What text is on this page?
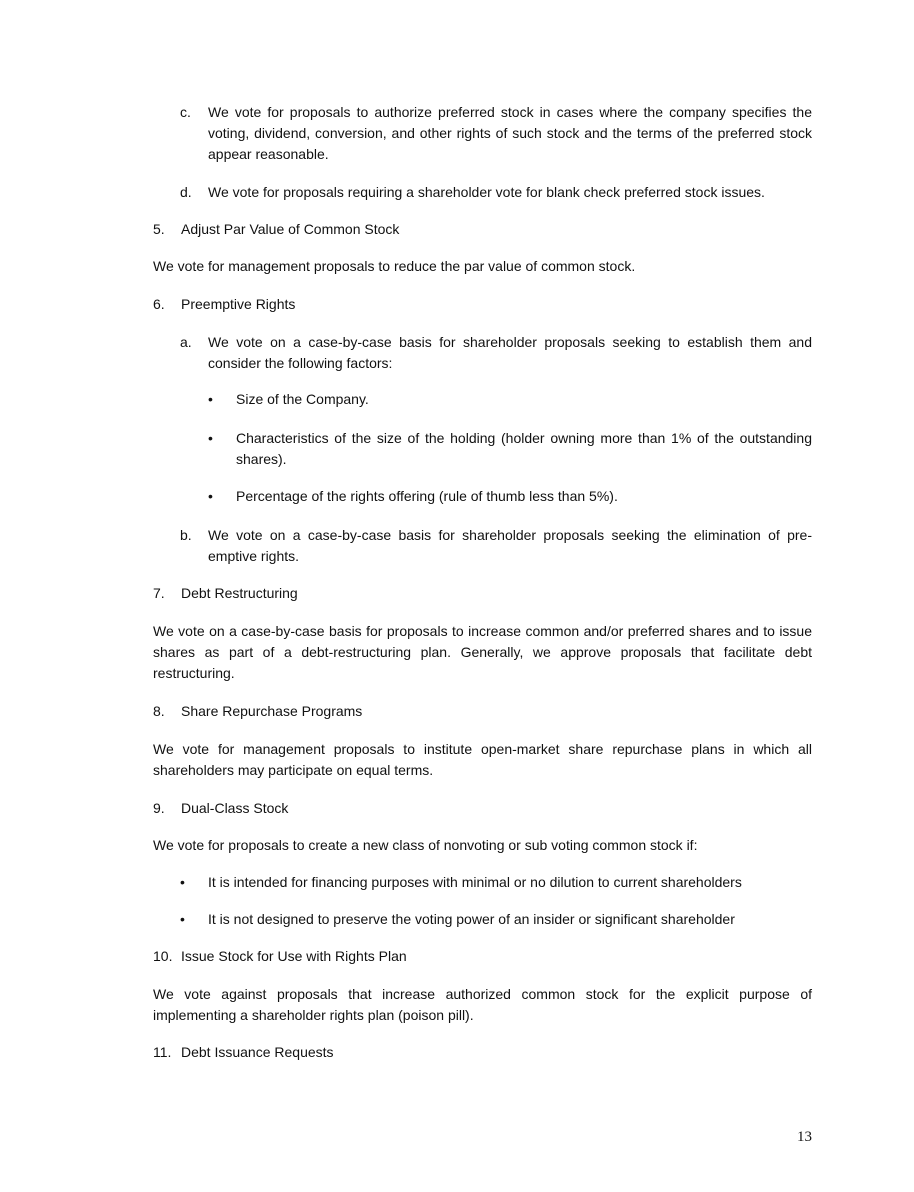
c. We vote for proposals to authorize preferred stock in cases where the company specifies the voting, dividend, conversion, and other rights of such stock and the terms of the preferred stock appear reasonable.
d. We vote for proposals requiring a shareholder vote for blank check preferred stock issues.
5. Adjust Par Value of Common Stock
We vote for management proposals to reduce the par value of common stock.
6. Preemptive Rights
a. We vote on a case-by-case basis for shareholder proposals seeking to establish them and consider the following factors:
• Size of the Company.
• Characteristics of the size of the holding (holder owning more than 1% of the outstanding shares).
• Percentage of the rights offering (rule of thumb less than 5%).
b. We vote on a case-by-case basis for shareholder proposals seeking the elimination of pre-emptive rights.
7. Debt Restructuring
We vote on a case-by-case basis for proposals to increase common and/or preferred shares and to issue shares as part of a debt-restructuring plan. Generally, we approve proposals that facilitate debt restructuring.
8. Share Repurchase Programs
We vote for management proposals to institute open-market share repurchase plans in which all shareholders may participate on equal terms.
9. Dual-Class Stock
We vote for proposals to create a new class of nonvoting or sub voting common stock if:
• It is intended for financing purposes with minimal or no dilution to current shareholders
• It is not designed to preserve the voting power of an insider or significant shareholder
10. Issue Stock for Use with Rights Plan
We vote against proposals that increase authorized common stock for the explicit purpose of implementing a shareholder rights plan (poison pill).
11. Debt Issuance Requests
13
